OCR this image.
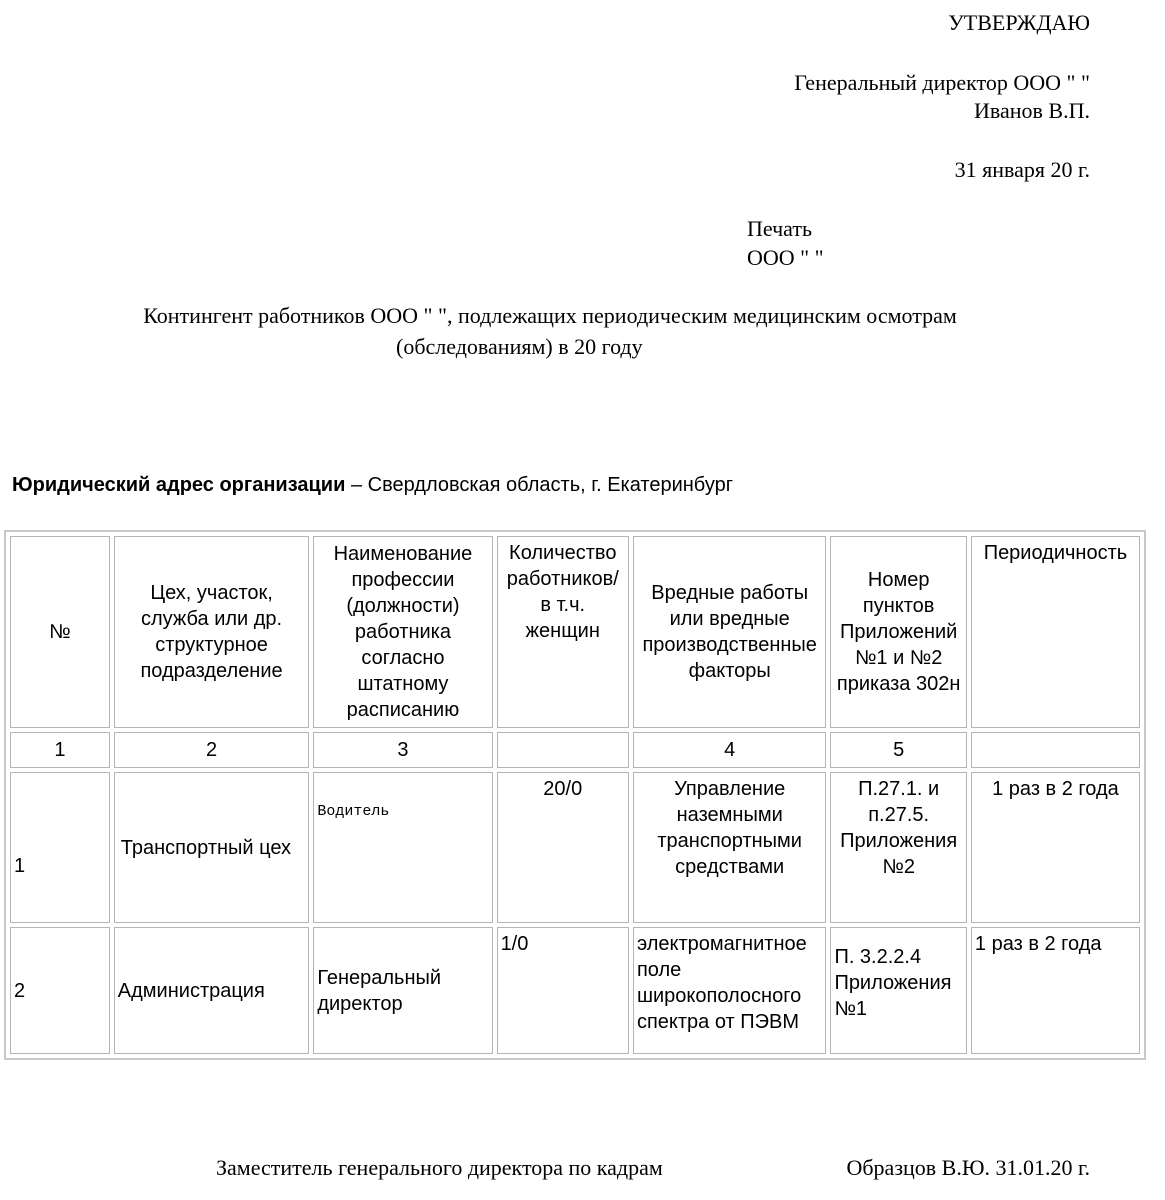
УТВЕРЖДАЮ
Генеральный директор ООО " "
Иванов В.П.
31 января 20 г.
Печать
ООО " "
Контингент работников ООО " ", подлежащих периодическим медицинским осмотрам
(обследованиям) в 20 году
Юридический адрес организации – Свердловская область, г. Екатеринбург
№	Цех, участок, служба или др. структурное подразделение	Наименование профессии (должности) работника согласно штатному расписанию	Количество работников/ в т.ч. женщин	Вредные работы или вредные производственные факторы	Номер пунктов Приложений №1 и №2 приказа 302н	Периодичность
1	2	3		4	5	
1	Транспортный цех	Водитель	20/0	Управление наземными транспортными средствами	П.27.1. и п.27.5. Приложения №2	1 раз в 2 года
2	Администрация	Генеральный директор	1/0	электромагнитное поле широкополосного спектра от ПЭВМ	П. 3.2.2.4 Приложения №1	1 раз в 2 года
Заместитель генерального директора по кадрам	Образцов В.Ю. 31.01.20 г.
